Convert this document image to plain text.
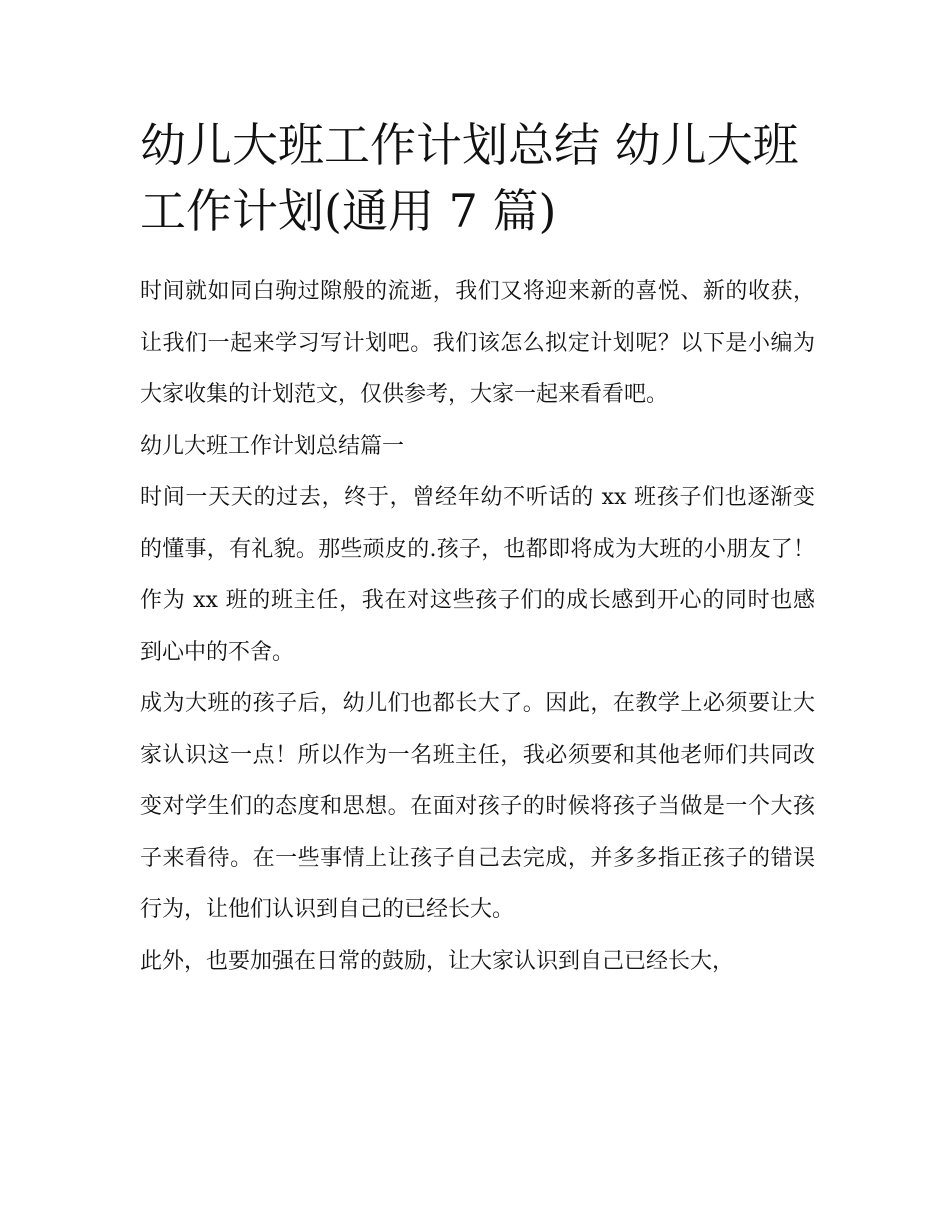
幼儿大班工作计划总结 幼儿大班工作计划(通用 7 篇)

时间就如同白驹过隙般的流逝，我们又将迎来新的喜悦、新的收获，让我们一起来学习写计划吧。我们该怎么拟定计划呢？以下是小编为大家收集的计划范文，仅供参考，大家一起来看看吧。

幼儿大班工作计划总结篇一

时间一天天的过去，终于，曾经年幼不听话的 xx 班孩子们也逐渐变的懂事，有礼貌。那些顽皮的.孩子，也都即将成为大班的小朋友了！作为 xx 班的班主任，我在对这些孩子们的成长感到开心的同时也感到心中的不舍。

成为大班的孩子后，幼儿们也都长大了。因此，在教学上必须要让大家认识这一点！所以作为一名班主任，我必须要和其他老师们共同改变对学生们的态度和思想。在面对孩子的时候将孩子当做是一个大孩子来看待。在一些事情上让孩子自己去完成，并多多指正孩子的错误行为，让他们认识到自己的已经长大。

此外，也要加强在日常的鼓励，让大家认识到自己已经长大，
